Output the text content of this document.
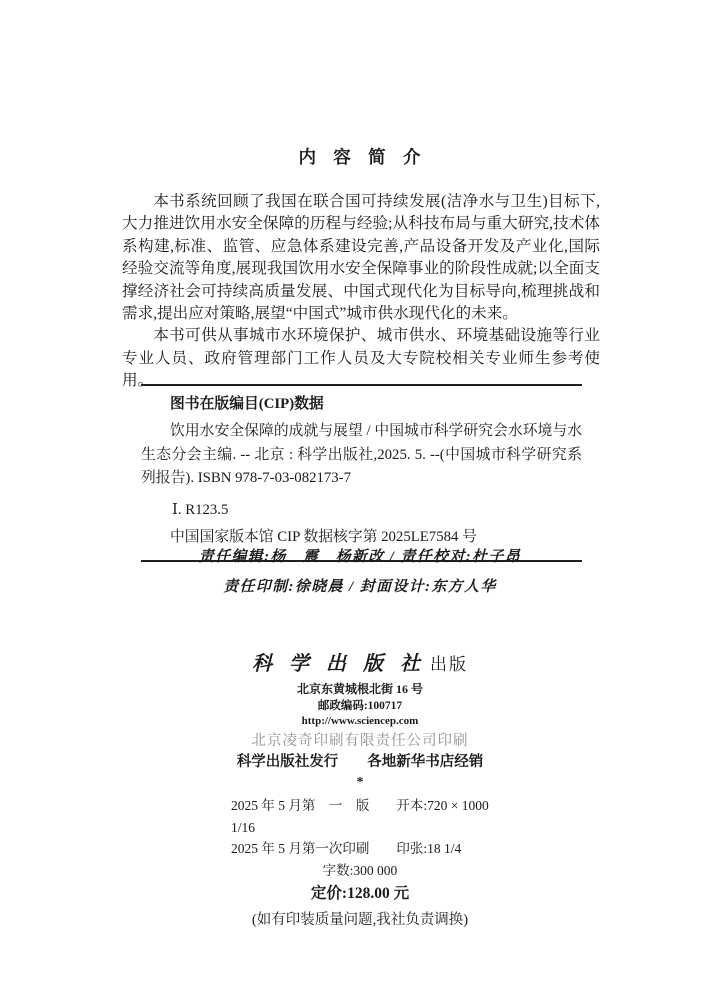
内 容 简 介

本书系统回顾了我国在联合国可持续发展(洁净水与卫生)目标下,大力推进饮用水安全保障的历程与经验;从科技布局与重大研究,技术体系构建,标准、监管、应急体系建设完善,产品设备开发及产业化,国际经验交流等角度,展现我国饮用水安全保障事业的阶段性成就;以全面支撑经济社会可持续高质量发展、中国式现代化为目标导向,梳理挑战和需求,提出应对策略,展望“中国式”城市供水现代化的未来。

本书可供从事城市水环境保护、城市供水、环境基础设施等行业专业人员、政府管理部门工作人员及大专院校相关专业师生参考使用。

图书在版编目(CIP)数据

饮用水安全保障的成就与展望 / 中国城市科学研究会水环境与水生态分会主编. -- 北京 : 科学出版社,2025. 5. --(中国城市科学研究系列报告). ISBN 978-7-03-082173-7

Ⅰ. R123.5
中国国家版本馆 CIP 数据核字第 2025LE7584 号
责任编辑:杨　震　杨新改 / 责任校对:杜子昂
责任印制:徐晓晨 / 封面设计:东方人华
科 学 出 版 社 出版
北京东黄城根北街 16 号
邮政编码:100717
http://www.sciencep.com
北京凌奇印刷有限责任公司印刷
科学出版社发行　　各地新华书店经销
*
2025 年 5 月第　一　版　　开本:720 × 1000　1/16
2025 年 5 月第一次印刷　　印张:18 1/4
字数:300 000
定价:128.00 元
(如有印装质量问题,我社负责调换)
